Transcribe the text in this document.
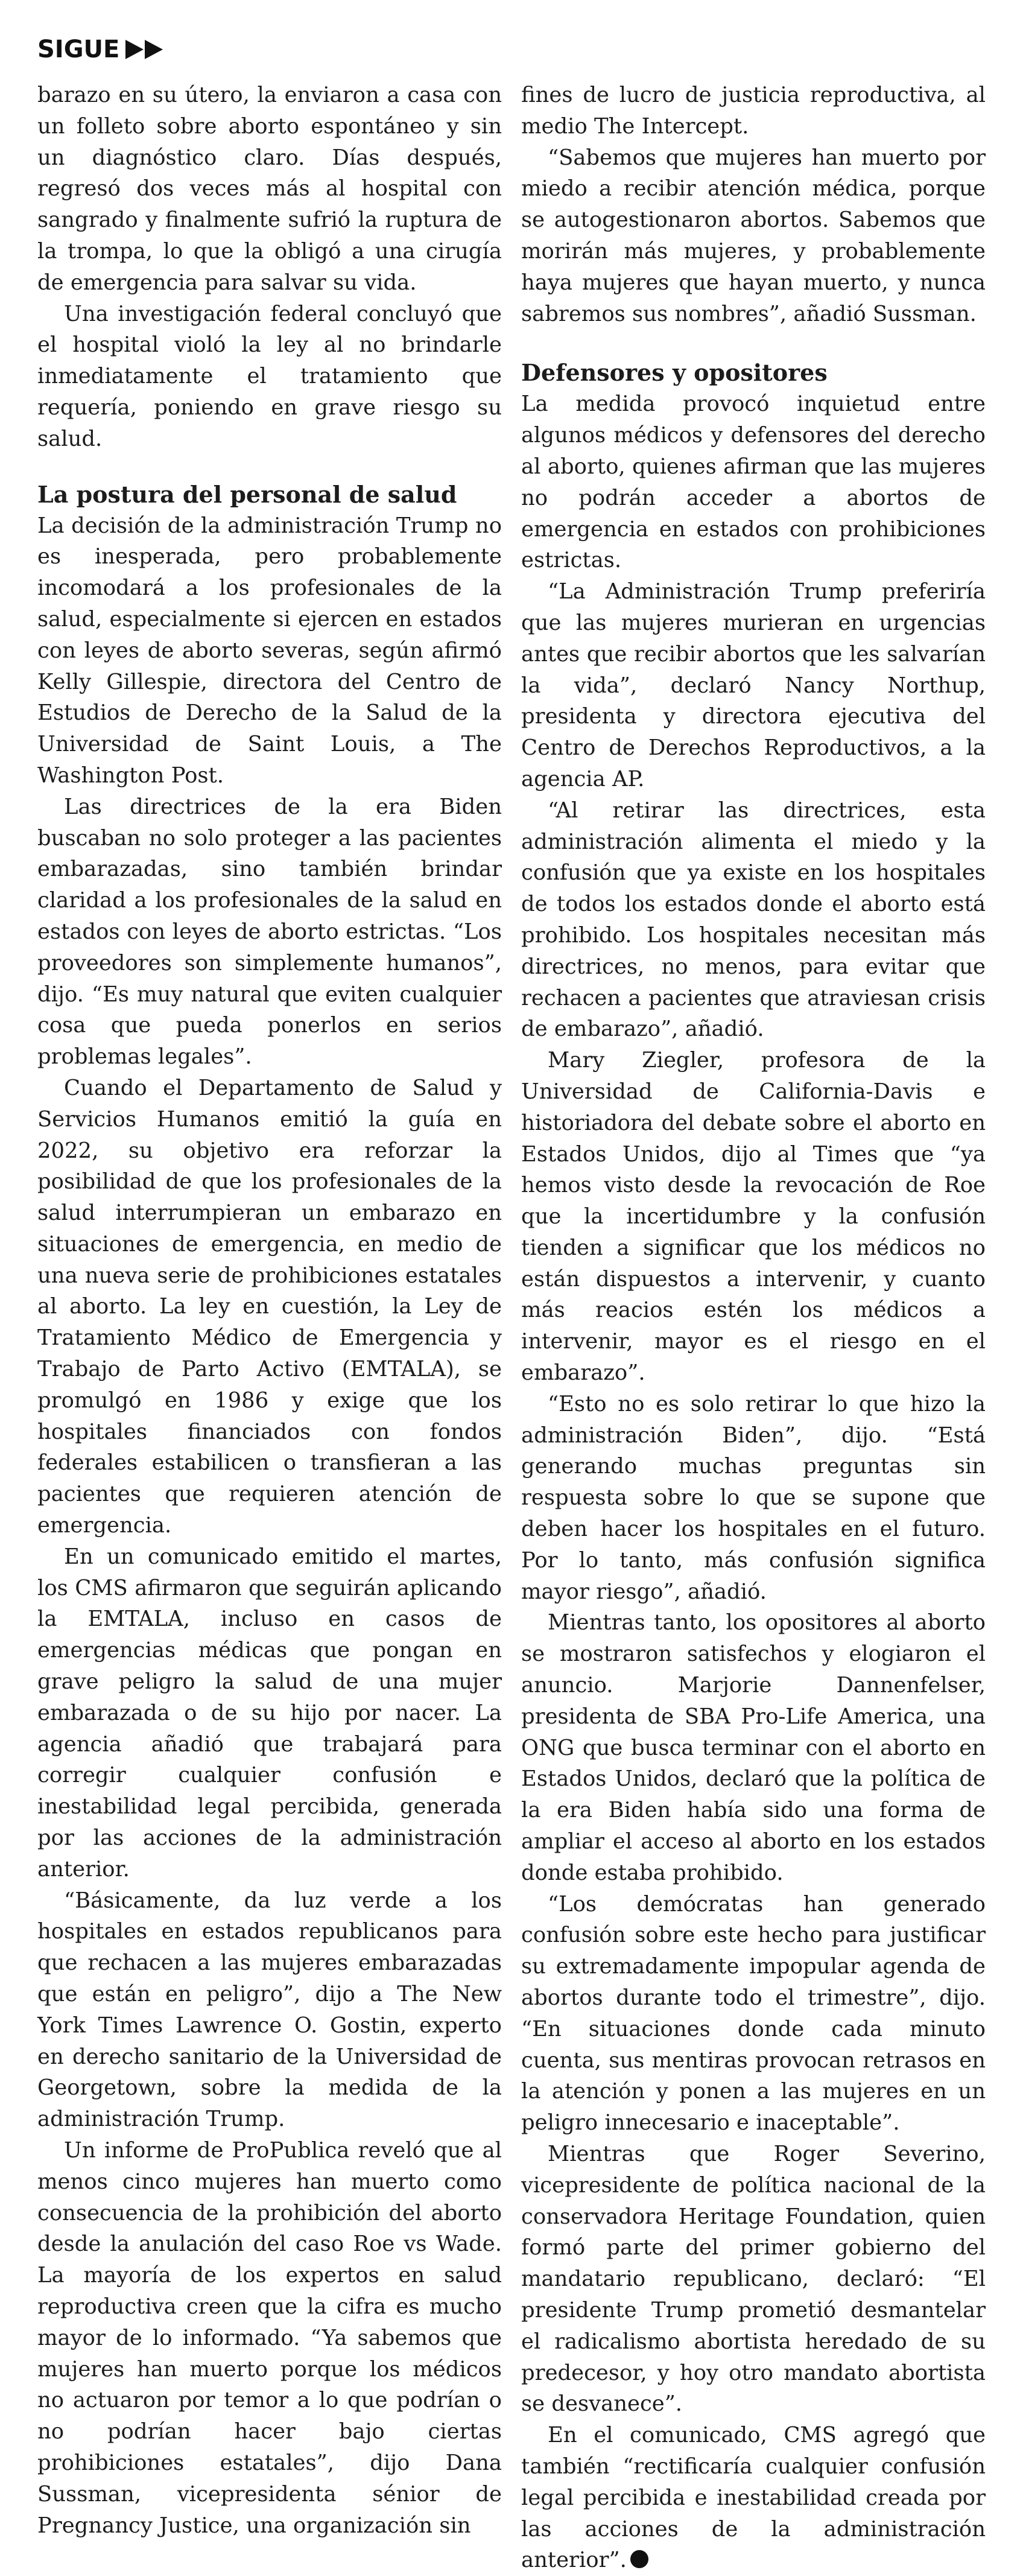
SIGUE

barazo en su útero, la enviaron a casa con un folleto sobre aborto espontáneo y sin un diagnóstico claro. Días después, regresó dos veces más al hospital con sangrado y finalmente sufrió la ruptura de la trompa, lo que la obligó a una cirugía de emergencia para salvar su vida.

Una investigación federal concluyó que el hospital violó la ley al no brindarle inmediatamente el tratamiento que requería, poniendo en grave riesgo su salud.

La postura del personal de salud

La decisión de la administración Trump no es inesperada, pero probablemente incomodará a los profesionales de la salud, especialmente si ejercen en estados con leyes de aborto severas, según afirmó Kelly Gillespie, directora del Centro de Estudios de Derecho de la Salud de la Universidad de Saint Louis, a The Washington Post.

Las directrices de la era Biden buscaban no solo proteger a las pacientes embarazadas, sino también brindar claridad a los profesionales de la salud en estados con leyes de aborto estrictas. “Los proveedores son simplemente humanos”, dijo. “Es muy natural que eviten cualquier cosa que pueda ponerlos en serios problemas legales”.

Cuando el Departamento de Salud y Servicios Humanos emitió la guía en 2022, su objetivo era reforzar la posibilidad de que los profesionales de la salud interrumpieran un embarazo en situaciones de emergencia, en medio de una nueva serie de prohibiciones estatales al aborto. La ley en cuestión, la Ley de Tratamiento Médico de Emergencia y Trabajo de Parto Activo (EMTALA), se promulgó en 1986 y exige que los hospitales financiados con fondos federales estabilicen o transfieran a las pacientes que requieren atención de emergencia.

En un comunicado emitido el martes, los CMS afirmaron que seguirán aplicando la EMTALA, incluso en casos de emergencias médicas que pongan en grave peligro la salud de una mujer embarazada o de su hijo por nacer. La agencia añadió que trabajará para corregir cualquier confusión e inestabilidad legal percibida, generada por las acciones de la administración anterior.

“Básicamente, da luz verde a los hospitales en estados republicanos para que rechacen a las mujeres embarazadas que están en peligro”, dijo a The New York Times Lawrence O. Gostin, experto en derecho sanitario de la Universidad de Georgetown, sobre la medida de la administración Trump.

Un informe de ProPublica reveló que al menos cinco mujeres han muerto como consecuencia de la prohibición del aborto desde la anulación del caso Roe vs Wade. La mayoría de los expertos en salud reproductiva creen que la cifra es mucho mayor de lo informado. “Ya sabemos que mujeres han muerto porque los médicos no actuaron por temor a lo que podrían o no podrían hacer bajo ciertas prohibiciones estatales”, dijo Dana Sussman, vicepresidenta sénior de Pregnancy Justice, una organización sin

fines de lucro de justicia reproductiva, al medio The Intercept.

“Sabemos que mujeres han muerto por miedo a recibir atención médica, porque se autogestionaron abortos. Sabemos que morirán más mujeres, y probablemente haya mujeres que hayan muerto, y nunca sabremos sus nombres”, añadió Sussman.

Defensores y opositores

La medida provocó inquietud entre algunos médicos y defensores del derecho al aborto, quienes afirman que las mujeres no podrán acceder a abortos de emergencia en estados con prohibiciones estrictas.

“La Administración Trump preferiría que las mujeres murieran en urgencias antes que recibir abortos que les salvarían la vida”, declaró Nancy Northup, presidenta y directora ejecutiva del Centro de Derechos Reproductivos, a la agencia AP.

“Al retirar las directrices, esta administración alimenta el miedo y la confusión que ya existe en los hospitales de todos los estados donde el aborto está prohibido. Los hospitales necesitan más directrices, no menos, para evitar que rechacen a pacientes que atraviesan crisis de embarazo”, añadió.

Mary Ziegler, profesora de la Universidad de California-Davis e historiadora del debate sobre el aborto en Estados Unidos, dijo al Times que “ya hemos visto desde la revocación de Roe que la incertidumbre y la confusión tienden a significar que los médicos no están dispuestos a intervenir, y cuanto más reacios estén los médicos a intervenir, mayor es el riesgo en el embarazo”.

“Esto no es solo retirar lo que hizo la administración Biden”, dijo. “Está generando muchas preguntas sin respuesta sobre lo que se supone que deben hacer los hospitales en el futuro. Por lo tanto, más confusión significa mayor riesgo”, añadió.

Mientras tanto, los opositores al aborto se mostraron satisfechos y elogiaron el anuncio. Marjorie Dannenfelser, presidenta de SBA Pro-Life America, una ONG que busca terminar con el aborto en Estados Unidos, declaró que la política de la era Biden había sido una forma de ampliar el acceso al aborto en los estados donde estaba prohibido.

“Los demócratas han generado confusión sobre este hecho para justificar su extremadamente impopular agenda de abortos durante todo el trimestre”, dijo. “En situaciones donde cada minuto cuenta, sus mentiras provocan retrasos en la atención y ponen a las mujeres en un peligro innecesario e inaceptable”.

Mientras que Roger Severino, vicepresidente de política nacional de la conservadora Heritage Foundation, quien formó parte del primer gobierno del mandatario republicano, declaró: “El presidente Trump prometió desmantelar el radicalismo abortista heredado de su predecesor, y hoy otro mandato abortista se desvanece”.

En el comunicado, CMS agregó que también “rectificaría cualquier confusión legal percibida e inestabilidad creada por las acciones de la administración anterior”.
